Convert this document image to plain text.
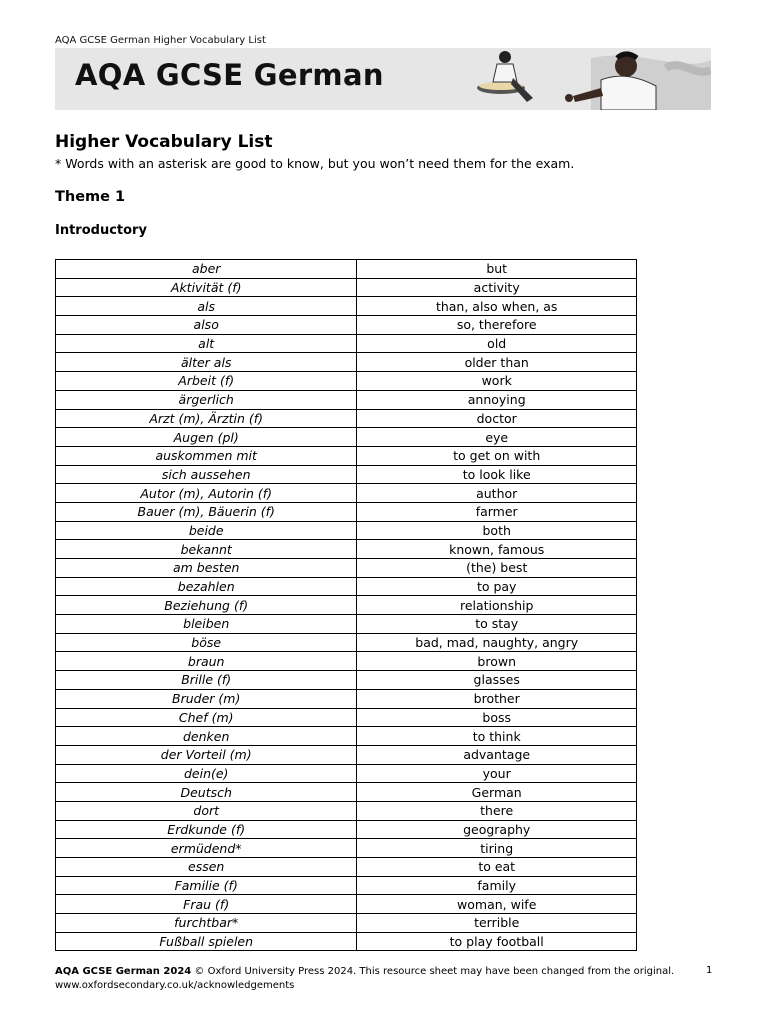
AQA GCSE German Higher Vocabulary List
AQA GCSE German
Higher Vocabulary List
* Words with an asterisk are good to know, but you won’t need them for the exam.
Theme 1
Introductory
aber	but
Aktivität (f)	activity
als	than, also when, as
also	so, therefore
alt	old
älter als	older than
Arbeit (f)	work
ärgerlich	annoying
Arzt (m), Ärztin (f)	doctor
Augen (pl)	eye
auskommen mit	to get on with
sich aussehen	to look like
Autor (m), Autorin (f)	author
Bauer (m), Bäuerin (f)	farmer
beide	both
bekannt	known, famous
am besten	(the) best
bezahlen	to pay
Beziehung (f)	relationship
bleiben	to stay
böse	bad, mad, naughty, angry
braun	brown
Brille (f)	glasses
Bruder (m)	brother
Chef (m)	boss
denken	to think
der Vorteil (m)	advantage
dein(e)	your
Deutsch	German
dort	there
Erdkunde (f)	geography
ermüdend*	tiring
essen	to eat
Familie (f)	family
Frau (f)	woman, wife
furchtbar*	terrible
Fußball spielen	to play football
AQA GCSE German 2024 © Oxford University Press 2024. This resource sheet may have been changed from the original.
www.oxfordsecondary.co.uk/acknowledgements
1
